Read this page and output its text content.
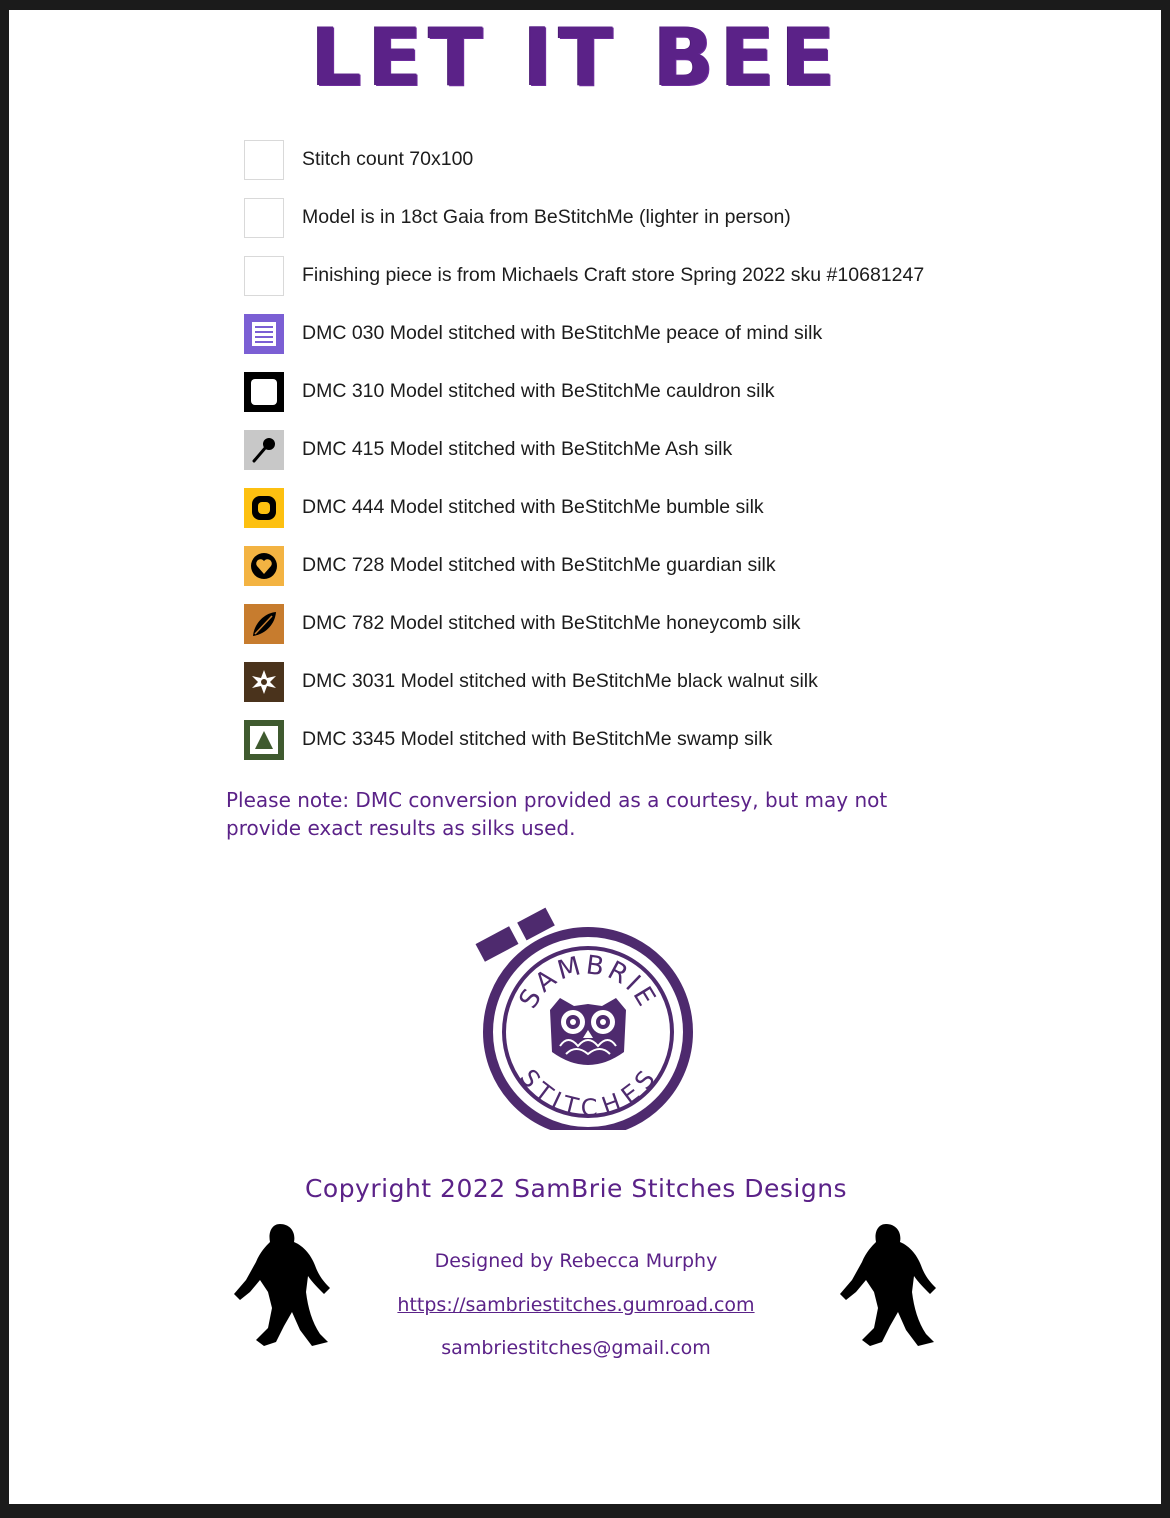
LET IT BEE
Stitch count 70x100
Model is in 18ct Gaia from BeStitchMe (lighter in person)
Finishing piece is from Michaels Craft store Spring 2022 sku #10681247
DMC 030 Model stitched with BeStitchMe peace of mind silk
DMC 310 Model stitched with BeStitchMe cauldron silk
DMC 415 Model stitched with BeStitchMe Ash silk
DMC 444 Model stitched with BeStitchMe bumble silk
DMC 728 Model stitched with BeStitchMe guardian silk
DMC 782 Model stitched with BeStitchMe honeycomb silk
DMC 3031 Model stitched with BeStitchMe black walnut silk
DMC 3345 Model stitched with BeStitchMe swamp silk
Please note: DMC conversion provided as a courtesy, but may not provide exact results as silks used.
SAMBRIE
STITCHES
Copyright 2022 SamBrie Stitches Designs
Designed by Rebecca Murphy
https://sambriestitches.gumroad.com
sambriestitches@gmail.com
